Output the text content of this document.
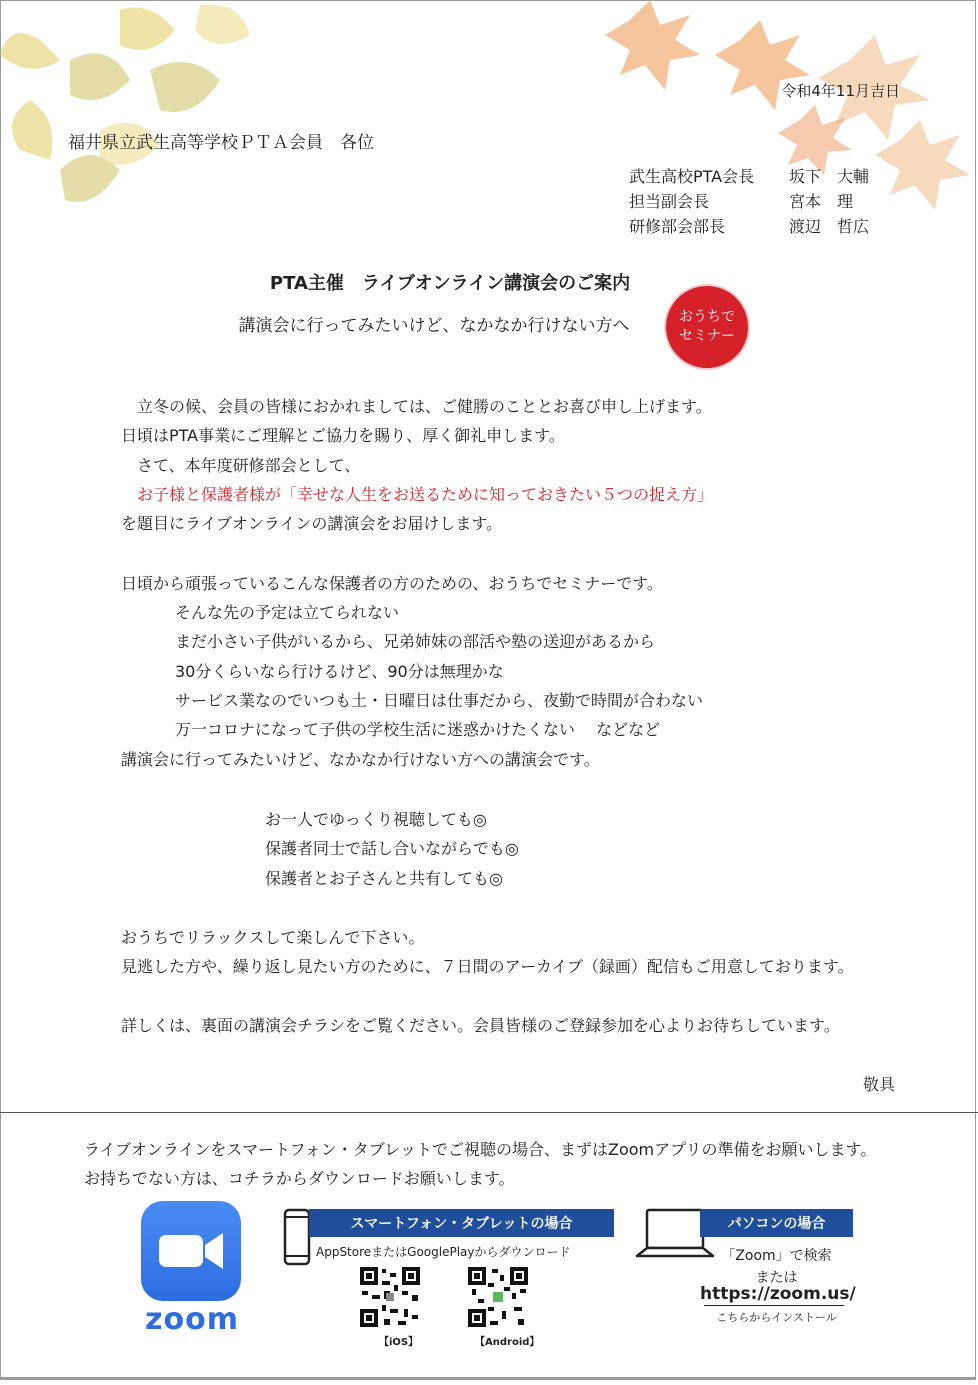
令和4年11月吉日
福井県立武生高等学校ＰＴＡ会員　各位
武生高校PTA会長 坂下　大輔
担当副会長	宮本　理
研修部会部長	渡辺　哲広
PTA主催　ライブオンライン講演会のご案内
講演会に行ってみたいけど、なかなか行けない方へ	おうちで
セミナー
　立冬の候、会員の皆様におかれましては、ご健勝のこととお喜び申し上げます。
日頃はPTA事業にご理解とご協力を賜り、厚く御礼申します。
　さて、本年度研修部会として、
　お子様と保護者様が「幸せな人生をお送るために知っておきたい５つの捉え方」
を題目にライブオンラインの講演会をお届けします。
日頃から頑張っているこんな保護者の方のための、おうちでセミナーです。
そんな先の予定は立てられない
まだ小さい子供がいるから、兄弟姉妹の部活や塾の送迎があるから
30分くらいなら行けるけど、90分は無理かな
サービス業なのでいつも土・日曜日は仕事だから、夜勤で時間が合わない
万一コロナになって子供の学校生活に迷惑かけたくない　 などなど
講演会に行ってみたいけど、なかなか行けない方への講演会です。
お一人でゆっくり視聴しても◎
保護者同士で話し合いながらでも◎
保護者とお子さんと共有しても◎
おうちでリラックスして楽しんで下さい。
見逃した方や、繰り返し見たい方のために、７日間のアーカイブ（録画）配信もご用意しております。
詳しくは、裏面の講演会チラシをご覧ください。会員皆様のご登録参加を心よりお待ちしています。
敬具
ライブオンラインをスマートフォン・タブレットでご視聴の場合、まずはZoomアプリの準備をお願いします。
お持ちでない方は、コチラからダウンロードお願いします。
zoom
スマートフォン・タブレットの場合
AppStoreまたはGooglePlayからダウンロード
【iOS】	【Android】
パソコンの場合
「Zoom」で検索
または
https://zoom.us/
こちらからインストール
